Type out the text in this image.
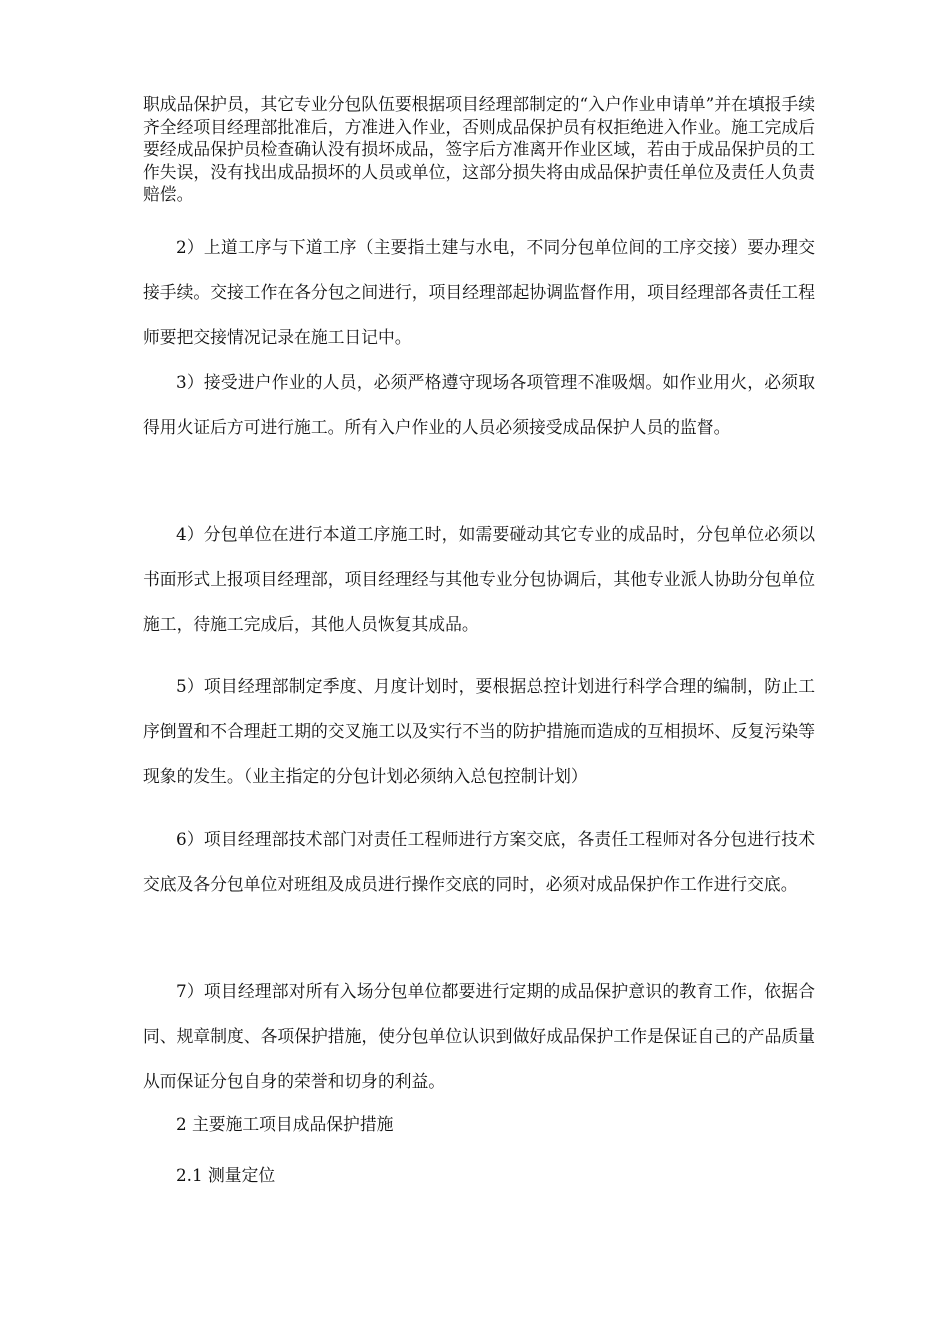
职成品保护员，其它专业分包队伍要根据项目经理部制定的“入户作业申请单”并在填报手续齐全经项目经理部批准后，方准进入作业，否则成品保护员有权拒绝进入作业。施工完成后要经成品保护员检查确认没有损坏成品，签字后方准离开作业区域，若由于成品保护员的工作失误，没有找出成品损坏的人员或单位，这部分损失将由成品保护责任单位及责任人负责赔偿。

2）上道工序与下道工序（主要指土建与水电，不同分包单位间的工序交接）要办理交接手续。交接工作在各分包之间进行，项目经理部起协调监督作用，项目经理部各责任工程师要把交接情况记录在施工日记中。

3）接受进户作业的人员，必须严格遵守现场各项管理不准吸烟。如作业用火，必须取得用火证后方可进行施工。所有入户作业的人员必须接受成品保护人员的监督。

4）分包单位在进行本道工序施工时，如需要碰动其它专业的成品时，分包单位必须以书面形式上报项目经理部，项目经理经与其他专业分包协调后，其他专业派人协助分包单位施工，待施工完成后，其他人员恢复其成品。

5）项目经理部制定季度、月度计划时，要根据总控计划进行科学合理的编制，防止工序倒置和不合理赶工期的交叉施工以及实行不当的防护措施而造成的互相损坏、反复污染等现象的发生。（业主指定的分包计划必须纳入总包控制计划）

6）项目经理部技术部门对责任工程师进行方案交底，各责任工程师对各分包进行技术交底及各分包单位对班组及成员进行操作交底的同时，必须对成品保护作工作进行交底。

7）项目经理部对所有入场分包单位都要进行定期的成品保护意识的教育工作，依据合同、规章制度、各项保护措施，使分包单位认识到做好成品保护工作是保证自己的产品质量从而保证分包自身的荣誉和切身的利益。

2 主要施工项目成品保护措施

2.1 测量定位
